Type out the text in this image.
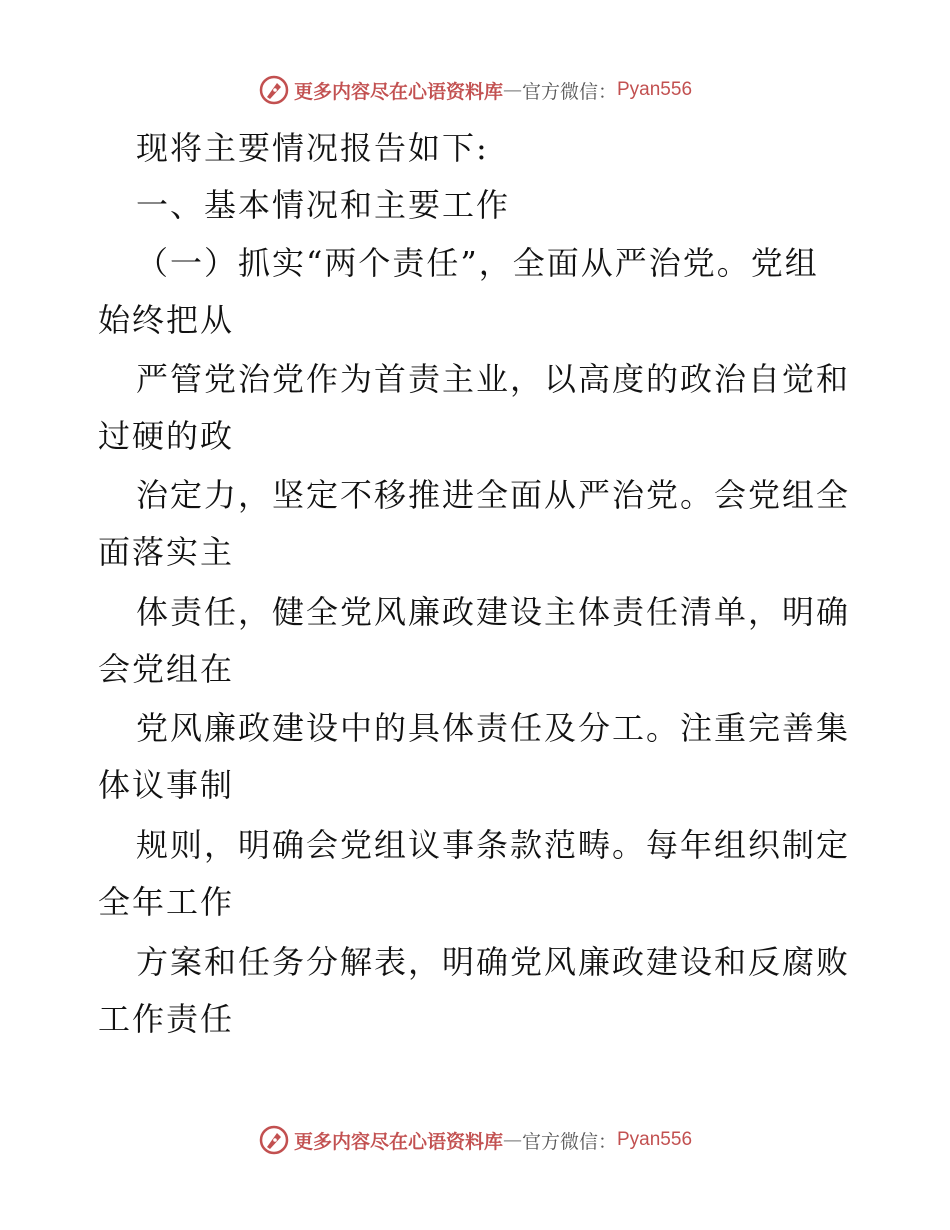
更多内容尽在心语资料库 — 官方微信： Pyan556
现将主要情况报告如下:
一、基本情况和主要工作
（一）抓实“两个责任”，全面从严治党。党组
始终把从
严管党治党作为首责主业，以高度的政治自觉和
过硬的政
治定力，坚定不移推进全面从严治党。会党组全
面落实主
体责任，健全党风廉政建设主体责任清单，明确
会党组在
党风廉政建设中的具体责任及分工。注重完善集
体议事制
规则，明确会党组议事条款范畴。每年组织制定
全年工作
方案和任务分解表，明确党风廉政建设和反腐败
工作责任
更多内容尽在心语资料库 — 官方微信： Pyan556
